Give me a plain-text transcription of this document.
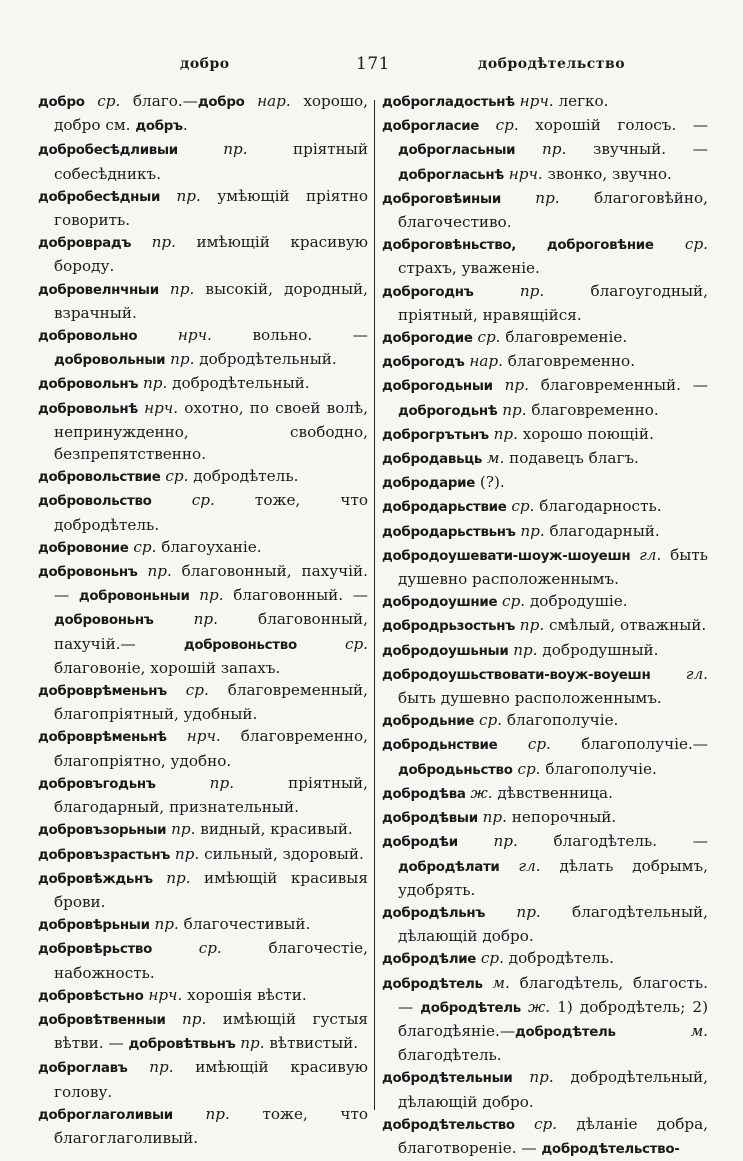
добро	171	добродѣтельство

добро ср. благо.—добро нар. хорошо, добро см. добръ.

добробесѣдливыи пр. пріятный собесѣдникъ.

добробесѣдныи пр. умѣющій пріятно говорить.

доброврадъ пр. имѣющій красивую бороду.

добровелнчныи пр. высокій, дородный, взрачный.

добровольно нрч. вольно. — добровольныи пр. добродѣтельный.

добровольнъ пр. добродѣтельный.

добровольнѣ нрч. охотно, по своей волѣ, непринужденно, свободно, безпрепятственно.

добровольствие ср. добродѣтель.

добровольство ср. тоже, что добродѣтель.

добровоние ср. благоуханіе.

добровоньнъ пр. благовонный, пахучій. — добровоньныи пр. благовонный. — добровоньнъ пр. благовонный, пахучій.— добровоньство ср. благовоніе, хорошій запахъ.

доброврѣменьнъ ср. благовременный, благопріятный, удобный.

доброврѣменьнѣ нрч. благовременно, благопріятно, удобно.

добровъгодьнъ пр. пріятный, благодарный, признательный.

добровъзорьныи пр. видный, красивый.

добровъзрастьнъ пр. сильный, здоровый.

добровѣждьнъ пр. имѣющій красивыя брови.

добровѣрьныи пр. благочестивый.

добровѣрьство ср. благочестіе, набожность.

добровѣстьно нрч. хорошія вѣсти.

добровѣтвенныи пр. имѣющій густыя вѣтви. — добровѣтвьнъ пр. вѣтвистый.

доброглавъ пр. имѣющій красивую голову.

доброглаголивыи пр. тоже, что благоглаголивый.

доброгладостьнѣ нрч. легко.

доброгласие ср. хорошій голосъ. — доброгласьныи пр. звучный. — доброгласьнѣ нрч. звонко, звучно.

доброговѣиныи пр. благоговѣйно, благочестиво.

доброговѣньство, доброговѣние ср. страхъ, уваженіе.

доброгоднъ пр. благоугодный, пріятный, нравящійся.

доброгодие ср. благовременіе.

доброгодъ нар. благовременно.

доброгодьныи пр. благовременный. — доброгодьнѣ пр. благовременно.

доброгрътьнъ пр. хорошо поющій.

добродавьць м. подавецъ благъ.

добродарие (?).

добродарьствие ср. благодарность.

добродарьствьнъ пр. благодарный.

добродоушевати-шоуж-шоуешн гл. быть душевно расположеннымъ.

добродоушние ср. добродушіе.

добродрьзостьнъ пр. смѣлый, отважный.

добродоушьныи пр. добродушный.

добродоушьствовати-воуж-воуешн гл. быть душевно расположеннымъ.

добродьние ср. благополучіе.

добродьнствие ср. благополучіе.— добродьньство ср. благополучіе.

добродѣва ж. дѣвственница.

добродѣвыи пр. непорочный.

добродѣи пр. благодѣтель. — добродѣлати гл. дѣлать добрымъ, удобрять.

добродѣльнъ пр. благодѣтельный, дѣлающій добро.

добродѣлие ср. добродѣтель.

добродѣтель м. благодѣтель, благость.— добродѣтель ж. 1) добродѣтель; 2) благодѣяніе.—добродѣтель м. благодѣтель.

добродѣтельныи пр. добродѣтельный, дѣлающій добро.

добродѣтельство ср. дѣланіе добра, благотвореніе. — добродѣтельство-
